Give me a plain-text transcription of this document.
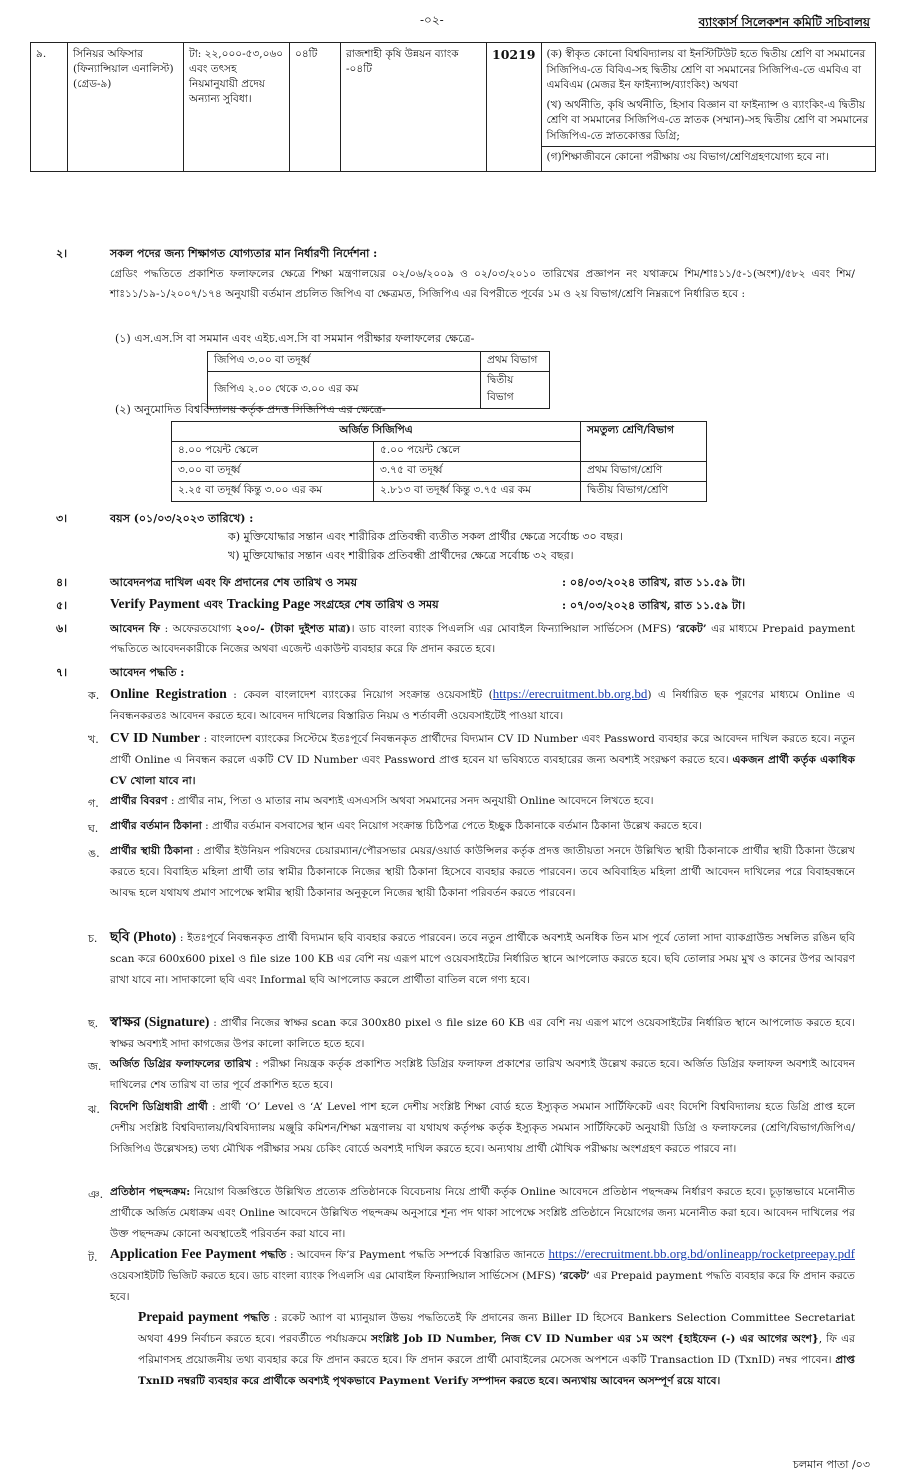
-০২-	ব্যাংকার্স সিলেকশন কমিটি সচিবালয়
৯.	সিনিয়র অফিসার (ফিন্যান্সিয়াল এনালিস্ট) (গ্রেড-৯)	টা: ২২,০০০-৫৩,০৬০ এবং তৎসহ নিয়মানুযায়ী প্রদেয় অন্যান্য সুবিধা।	০৪টি	রাজশাহী কৃষি উন্নয়ন ব্যাংক -০৪টি	10219	(ক) স্বীকৃত কোনো বিশ্ববিদ্যালয় বা ইনস্টিটিউট হতে দ্বিতীয় শ্রেণি বা সমমানের সিজিপিএ-তে বিবিএ-সহ দ্বিতীয় শ্রেণি বা সমমানের সিজিপিএ-তে এমবিএ বা এমবিএম (মেজর ইন ফাইন্যান্স/ব্যাংকিং) অথবা
(খ) অর্থনীতি, কৃষি অর্থনীতি, হিসাব বিজ্ঞান বা ফাইন্যান্স ও ব্যাংকিং-এ দ্বিতীয় শ্রেণি বা সমমানের সিজিপিএ-তে স্নাতক (সম্মান)-সহ দ্বিতীয় শ্রেণি বা সমমানের সিজিপিএ-তে স্নাতকোত্তর ডিগ্রি;
(গ)শিক্ষাজীবনে কোনো পরীক্ষায় ৩য় বিভাগ/শ্রেণিগ্রহণযোগ্য হবে না।
২।	সকল পদের জন্য শিক্ষাগত যোগ্যতার মান নির্ধারণী নির্দেশনা :
গ্রেডিং পদ্ধতিতে প্রকাশিত ফলাফলের ক্ষেত্রে শিক্ষা মন্ত্রণালয়ের ০২/০৬/২০০৯ ও ০২/০৩/২০১০ তারিখের প্রজ্ঞাপন নং যথাক্রমে শিম/শাঃ১১/৫-১(অংশ)/৫৮২ এবং শিম/শাঃ১১/১৯-১/২০০৭/১৭৪ অনুযায়ী বর্তমান প্রচলিত জিপিএ বা ক্ষেত্রমত, সিজিপিএ এর বিপরীতে পূর্বের ১ম ও ২য় বিভাগ/শ্রেণি নিম্নরূপে নির্ধারিত হবে :
(১) এস.এস.সি বা সমমান এবং এইচ.এস.সি বা সমমান পরীক্ষার ফলাফলের ক্ষেত্রে-
জিপিএ ৩.০০ বা তদূর্ধ্ব	প্রথম বিভাগ
জিপিএ ২.০০ থেকে ৩.০০ এর কম	দ্বিতীয় বিভাগ
(২) অনুমোদিত বিশ্ববিদ্যালয় কর্তৃক প্রদত্ত সিজিপিএ এর ক্ষেত্রে-
অর্জিত সিজিপিএ		সমতুল্য শ্রেণি/বিভাগ
৪.০০ পয়েন্ট স্কেলে	৫.০০ পয়েন্ট স্কেলে	
৩.০০ বা তদূর্ধ্ব	৩.৭৫ বা তদূর্ধ্ব	প্রথম বিভাগ/শ্রেণি
২.২৫ বা তদূর্ধ্ব কিন্তু ৩.০০ এর কম	২.৮১৩ বা তদূর্ধ্ব কিন্তু ৩.৭৫ এর কম	দ্বিতীয় বিভাগ/শ্রেণি
৩।	বয়স (০১/০৩/২০২৩ তারিখে) :
ক) মুক্তিযোদ্ধার সন্তান এবং শারীরিক প্রতিবন্ধী ব্যতীত সকল প্রার্থীর ক্ষেত্রে সর্বোচ্চ ৩০ বছর।
খ) মুক্তিযোদ্ধার সন্তান এবং শারীরিক প্রতিবন্ধী প্রার্থীদের ক্ষেত্রে সর্বোচ্চ ৩২ বছর।
৪।	আবেদনপত্র দাখিল এবং ফি প্রদানের শেষ তারিখ ও সময়	: ০৪/০৩/২০২৪ তারিখ, রাত ১১.৫৯ টা।
৫।	Verify Payment এবং Tracking Page সংগ্রহের শেষ তারিখ ও সময়	: ০৭/০৩/২০২৪ তারিখ, রাত ১১.৫৯ টা।
৬।	আবেদন ফি : অফেরতযোগ্য ২০০/- (টাকা দুইশত মাত্র)। ডাচ বাংলা ব্যাংক পিএলসি এর মোবাইল ফিন্যান্সিয়াল সার্ভিসেস (MFS) ‘রকেট’ এর মাধ্যমে Prepaid payment পদ্ধতিতে আবেদনকারীকে নিজের অথবা এজেন্ট একাউন্ট ব্যবহার করে ফি প্রদান করতে হবে।
৭।	আবেদন পদ্ধতি :
ক. Online Registration : কেবল বাংলাদেশ ব্যাংকের নিয়োগ সংক্রান্ত ওয়েবসাইট (https://erecruitment.bb.org.bd) এ নির্ধারিত ছক পূরণের মাধ্যমে Online এ নিবন্ধনকরতঃ আবেদন করতে হবে। আবেদন দাখিলের বিস্তারিত নিয়ম ও শর্তাবলী ওয়েবসাইটেই পাওয়া যাবে।
খ. CV ID Number : বাংলাদেশ ব্যাংকের সিস্টেমে ইতঃপূর্বে নিবন্ধনকৃত প্রার্থীদের বিদ্যমান CV ID Number এবং Password ব্যবহার করে আবেদন দাখিল করতে হবে। নতুন প্রার্থী Online এ নিবন্ধন করলে একটি CV ID Number এবং Password প্রাপ্ত হবেন যা ভবিষ্যতে ব্যবহারের জন্য অবশ্যই সংরক্ষণ করতে হবে। একজন প্রার্থী কর্তৃক একাধিক CV খোলা যাবে না।
গ. প্রার্থীর বিবরণ : প্রার্থীর নাম, পিতা ও মাতার নাম অবশ্যই এসএসসি অথবা সমমানের সনদ অনুযায়ী Online আবেদনে লিখতে হবে।
ঘ. প্রার্থীর বর্তমান ঠিকানা : প্রার্থীর বর্তমান বসবাসের স্থান এবং নিয়োগ সংক্রান্ত চিঠিপত্র পেতে ইচ্ছুক ঠিকানাকে বর্তমান ঠিকানা উল্লেখ করতে হবে।
ঙ. প্রার্থীর স্থায়ী ঠিকানা : প্রার্থীর ইউনিয়ন পরিষদের চেয়ারম্যান/পৌরসভার মেয়র/ওয়ার্ড কাউন্সিলর কর্তৃক প্রদত্ত জাতীয়তা সনদে উল্লিখিত স্থায়ী ঠিকানাকে প্রার্থীর স্থায়ী ঠিকানা উল্লেখ করতে হবে। বিবাহিত মহিলা প্রার্থী তার স্বামীর ঠিকানাকে নিজের স্থায়ী ঠিকানা হিসেবে ব্যবহার করতে পারবেন। তবে অবিবাহিত মহিলা প্রার্থী আবেদন দাখিলের পরে বিবাহবন্ধনে আবদ্ধ হলে যথাযথ প্রমাণ সাপেক্ষে স্বামীর স্থায়ী ঠিকানার অনুকূলে নিজের স্থায়ী ঠিকানা পরিবর্তন করতে পারবেন।
চ. ছবি (Photo) : ইতঃপূর্বে নিবন্ধনকৃত প্রার্থী বিদ্যমান ছবি ব্যবহার করতে পারবেন। তবে নতুন প্রার্থীকে অবশ্যই অনধিক তিন মাস পূর্বে তোলা সাদা ব্যাকগ্রাউন্ড সম্বলিত রঙিন ছবি scan করে 600x600 pixel ও file size 100 KB এর বেশি নয় এরূপ মাপে ওয়েবসাইটের নির্ধারিত স্থানে আপলোড করতে হবে। ছবি তোলার সময় মুখ ও কানের উপর আবরণ রাখা যাবে না। সাদাকালো ছবি এবং Informal ছবি আপলোড করলে প্রার্থীতা বাতিল বলে গণ্য হবে।
ছ. স্বাক্ষর (Signature) : প্রার্থীর নিজের স্বাক্ষর scan করে 300x80 pixel ও file size 60 KB এর বেশি নয় এরূপ মাপে ওয়েবসাইটের নির্ধারিত স্থানে আপলোড করতে হবে। স্বাক্ষর অবশ্যই সাদা কাগজের উপর কালো কালিতে হতে হবে।
জ. অর্জিত ডিগ্রির ফলাফলের তারিখ : পরীক্ষা নিয়ন্ত্রক কর্তৃক প্রকাশিত সংশ্লিষ্ট ডিগ্রির ফলাফল প্রকাশের তারিখ অবশ্যই উল্লেখ করতে হবে। অর্জিত ডিগ্রির ফলাফল অবশ্যই আবেদন দাখিলের শেষ তারিখ বা তার পূর্বে প্রকাশিত হতে হবে।
ঝ. বিদেশি ডিগ্রিধারী প্রার্থী : প্রার্থী ‘O’ Level ও ‘A’ Level পাশ হলে দেশীয় সংশ্লিষ্ট শিক্ষা বোর্ড হতে ইস্যুকৃত সমমান সার্টিফিকেট এবং বিদেশি বিশ্ববিদ্যালয় হতে ডিগ্রি প্রাপ্ত হলে দেশীয় সংশ্লিষ্ট বিশ্ববিদ্যালয়/বিশ্ববিদ্যালয় মঞ্জুরি কমিশন/শিক্ষা মন্ত্রণালয় বা যথাযথ কর্তৃপক্ষ কর্তৃক ইস্যুকৃত সমমান সার্টিফিকেট অনুযায়ী ডিগ্রি ও ফলাফলের (শ্রেণি/বিভাগ/জিপিএ/সিজিপিএ উল্লেখসহ) তথ্য মৌখিক পরীক্ষার সময় চেকিং বোর্ডে অবশ্যই দাখিল করতে হবে। অন্যথায় প্রার্থী মৌখিক পরীক্ষায় অংশগ্রহণ করতে পারবে না।
ঞ. প্রতিষ্ঠান পছন্দক্রম: নিয়োগ বিজ্ঞপ্তিতে উল্লিখিত প্রত্যেক প্রতিষ্ঠানকে বিবেচনায় নিয়ে প্রার্থী কর্তৃক Online আবেদনে প্রতিষ্ঠান পছন্দক্রম নির্ধারণ করতে হবে। চূড়ান্তভাবে মনোনীত প্রার্থীকে অর্জিত মেধাক্রম এবং Online আবেদনে উল্লিখিত পছন্দক্রম অনুসারে শূন্য পদ থাকা সাপেক্ষে সংশ্লিষ্ট প্রতিষ্ঠানে নিয়োগের জন্য মনোনীত করা হবে। আবেদন দাখিলের পর উক্ত পছন্দক্রম কোনো অবস্থাতেই পরিবর্তন করা যাবে না।
ট. Application Fee Payment পদ্ধতি : আবেদন ফি’র Payment পদ্ধতি সম্পর্কে বিস্তারিত জানতে https://erecruitment.bb.org.bd/onlineapp/rocketpreepay.pdf ওয়েবসাইটটি ভিজিট করতে হবে। ডাচ বাংলা ব্যাংক পিএলসি এর মোবাইল ফিন্যান্সিয়াল সার্ভিসেস (MFS) ‘রকেট’ এর Prepaid payment পদ্ধতি ব্যবহার করে ফি প্রদান করতে হবে।
Prepaid payment পদ্ধতি : রকেট অ্যাপ বা ম্যানুয়াল উভয় পদ্ধতিতেই ফি প্রদানের জন্য Biller ID হিসেবে Bankers Selection Committee Secretariat অথবা 499 নির্বাচন করতে হবে। পরবর্তীতে পর্যায়ক্রমে সংশ্লিষ্ট Job ID Number, নিজ CV ID Number এর ১ম অংশ {হাইফেন (-) এর আগের অংশ}, ফি এর পরিমাণসহ প্রয়োজনীয় তথ্য ব্যবহার করে ফি প্রদান করতে হবে। ফি প্রদান করলে প্রার্থী মোবাইলের মেসেজ অপশনে একটি Transaction ID (TxnID) নম্বর পাবেন। প্রাপ্ত TxnID নম্বরটি ব্যবহার করে প্রার্থীকে অবশ্যই পৃথকভাবে Payment Verify সম্পাদন করতে হবে। অন্যথায় আবেদন অসম্পূর্ণ রয়ে যাবে।
চলমান পাতা /০৩
